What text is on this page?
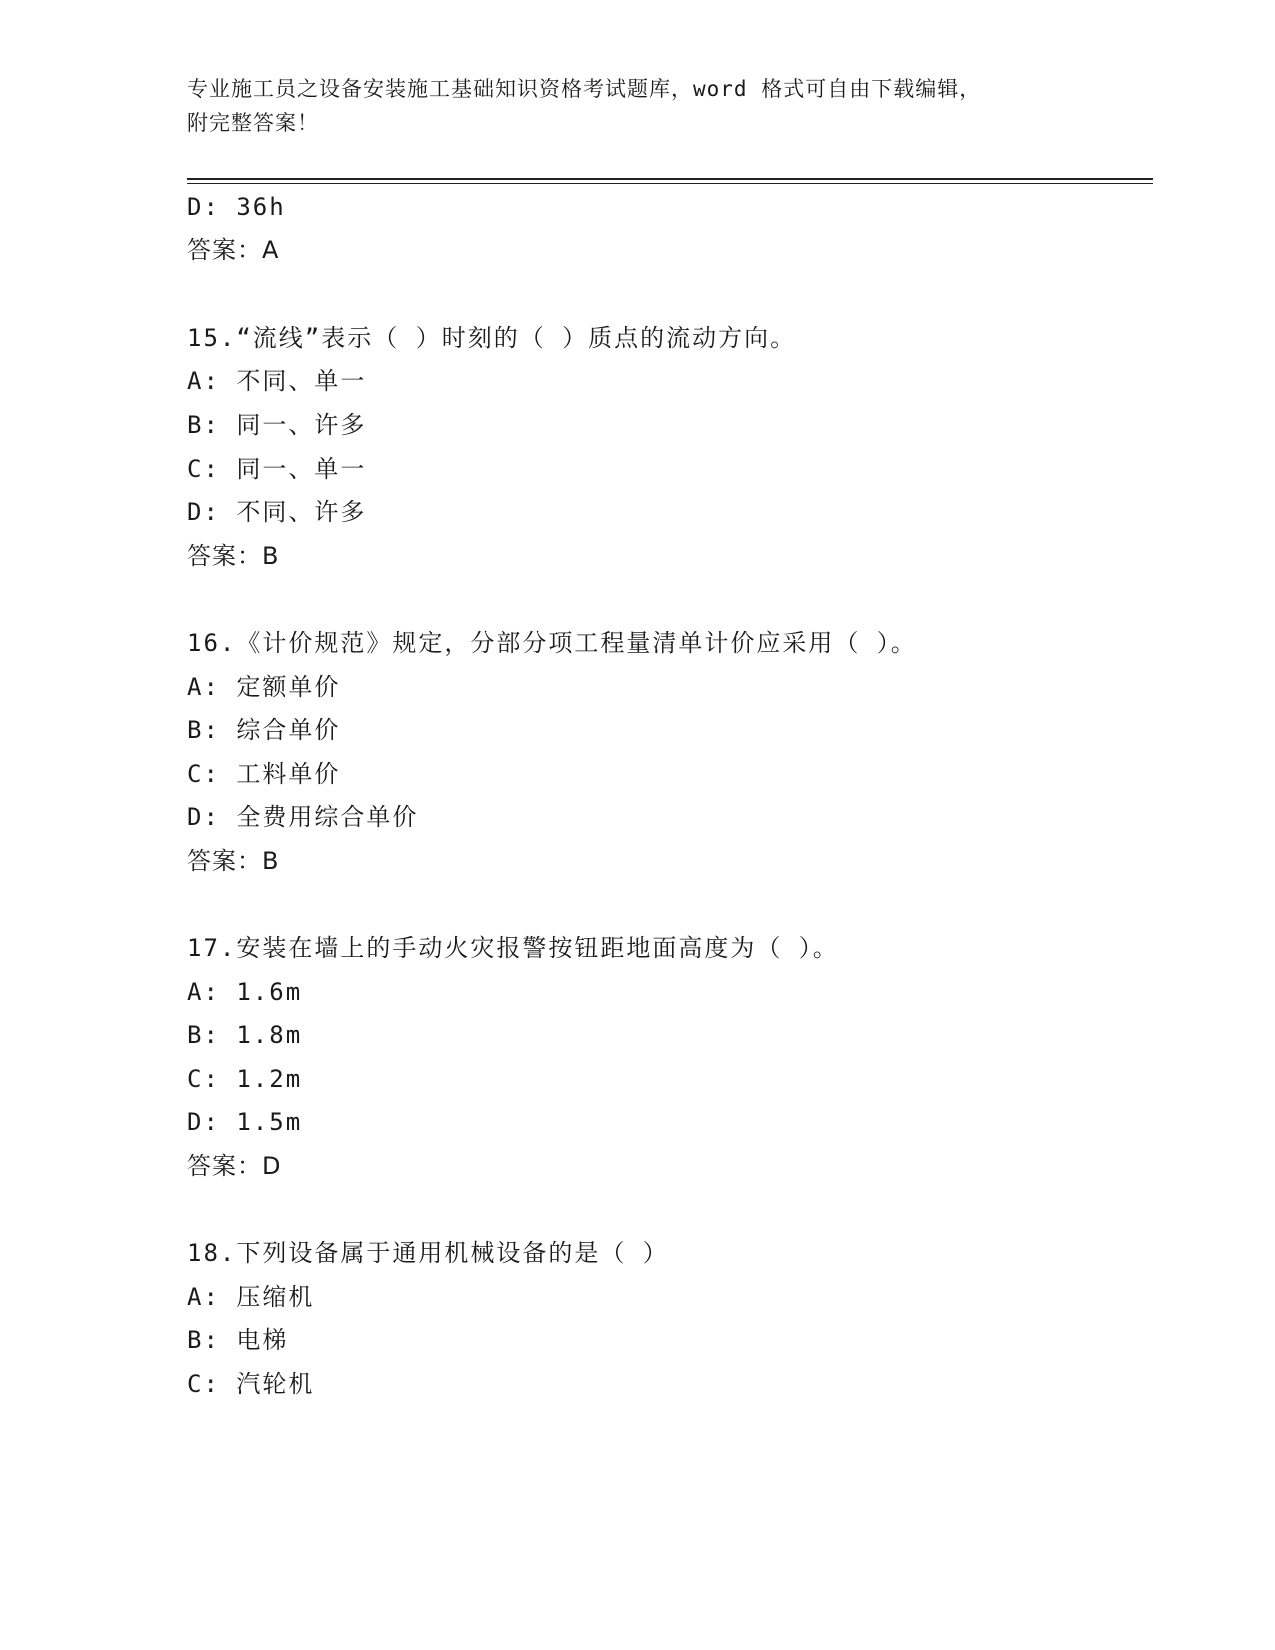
专业施工员之设备安装施工基础知识资格考试题库，word 格式可自由下载编辑，
附完整答案！
D: 36h
答案：A
15.“流线”表示（ ）时刻的（ ）质点的流动方向。
A: 不同、单一
B: 同一、许多
C: 同一、单一
D: 不同、许多
答案：B
16.《计价规范》规定，分部分项工程量清单计价应采用（ ）。
A: 定额单价
B: 综合单价
C: 工料单价
D: 全费用综合单价
答案：B
17.安装在墙上的手动火灾报警按钮距地面高度为（ ）。
A: 1.6m
B: 1.8m
C: 1.2m
D: 1.5m
答案：D
18.下列设备属于通用机械设备的是（ ）
A: 压缩机
B: 电梯
C: 汽轮机
